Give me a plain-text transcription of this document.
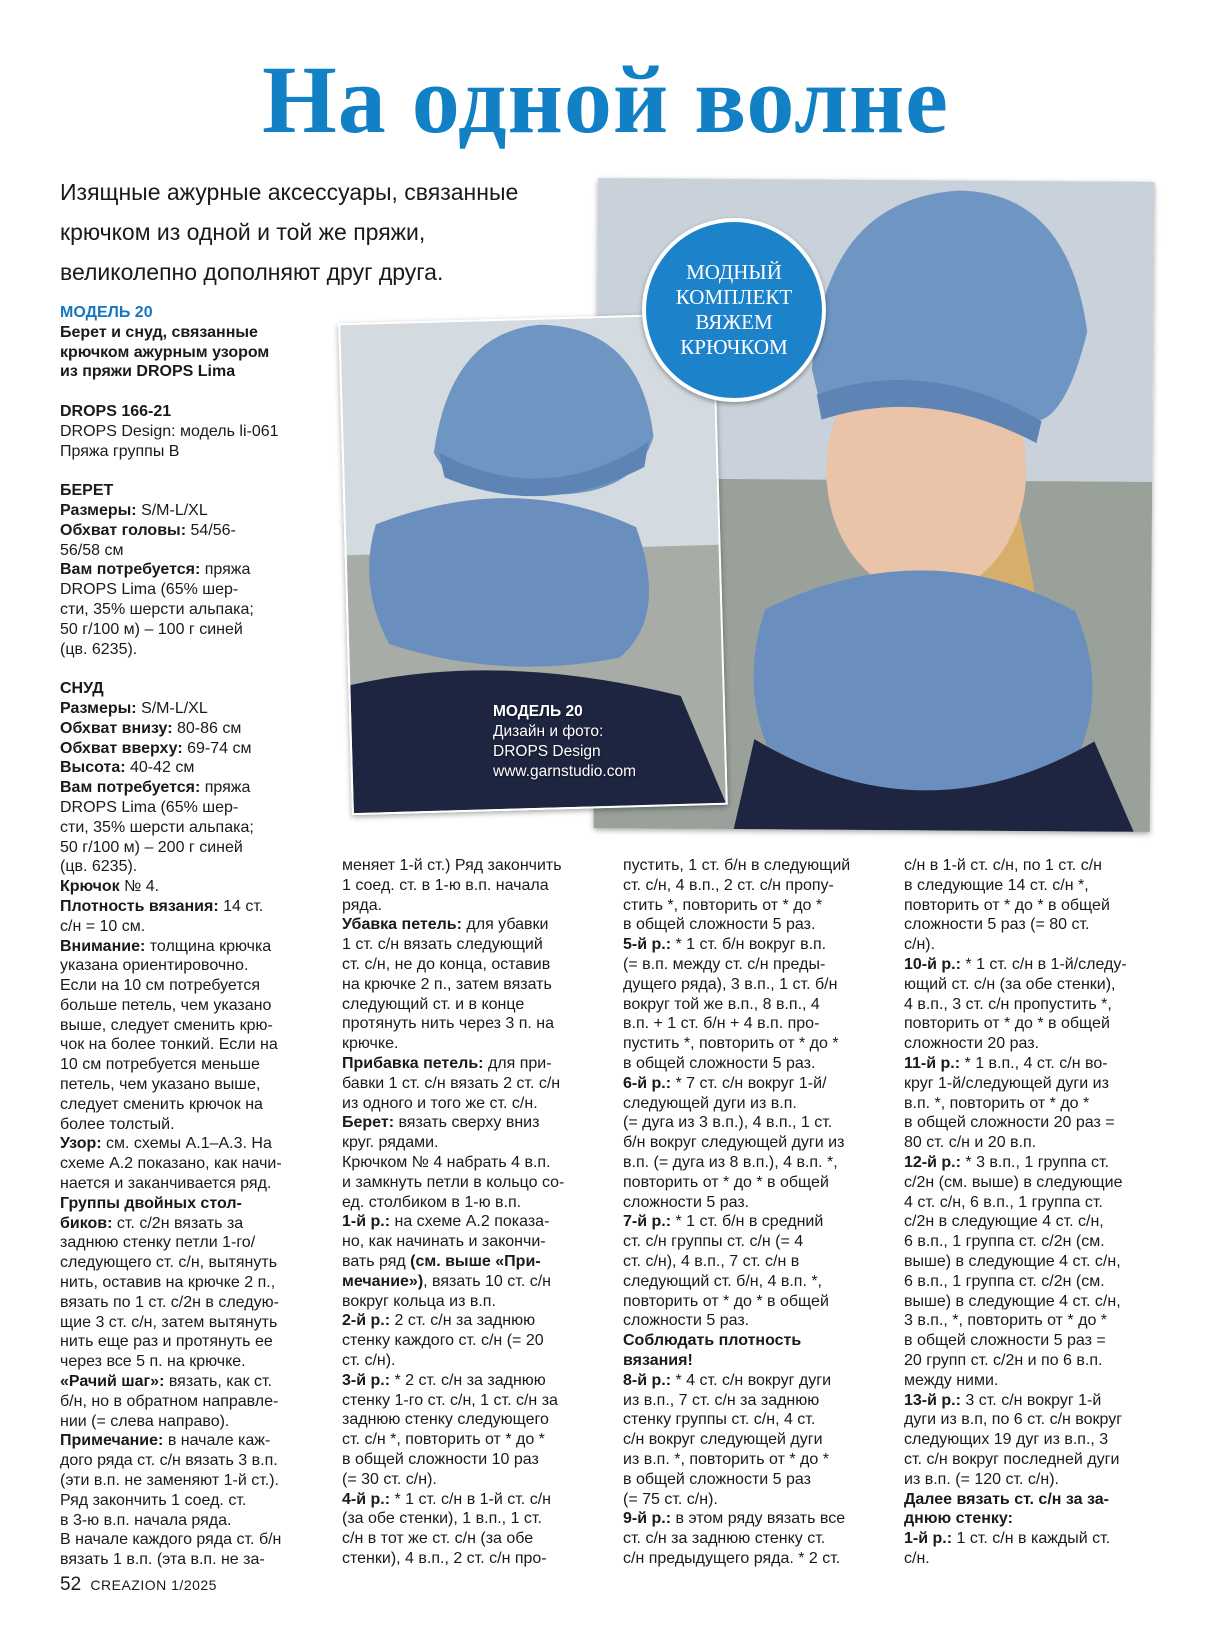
На одной волне
Изящные ажурные аксессуары, связанные
крючком из одной и той же пряжи,
великолепно дополняют друг друга.
МОДЕЛЬ 20
Дизайн и фото:
DROPS Design
www.garnstudio.com
МОДНЫЙ
КОМПЛЕКТ
ВЯЖЕМ
КРЮЧКОМ
МОДЕЛЬ 20
Берет и снуд, связанные
крючком ажурным узором
из пряжи DROPS Lima
DROPS 166-21
DROPS Design: модель li-061
Пряжа группы B
БЕРЕТ
Размеры: S/M-L/XL
Обхват головы: 54/56-
56/58 см
Вам потребуется: пряжа
DROPS Lima (65% шер-
сти, 35% шерсти альпака;
50 г/100 м) – 100 г синей
(цв. 6235).
СНУД
Размеры: S/M-L/XL
Обхват внизу: 80-86 см
Обхват вверху: 69-74 см
Высота: 40-42 см
Вам потребуется: пряжа
DROPS Lima (65% шер-
сти, 35% шерсти альпака;
50 г/100 м) – 200 г синей
(цв. 6235).
Крючок № 4.
Плотность вязания: 14 ст.
с/н = 10 см.
Внимание: толщина крючка
указана ориентировочно.
Если на 10 см потребуется
больше петель, чем указано
выше, следует сменить крю-
чок на более тонкий. Если на
10 см потребуется меньше
петель, чем указано выше,
следует сменить крючок на
более толстый.
Узор: см. схемы A.1–A.3. На
схеме A.2 показано, как начи-
нается и заканчивается ряд.
Группы двойных стол-
биков: ст. с/2н вязать за
заднюю стенку петли 1-го/
следующего ст. с/н, вытянуть
нить, оставив на крючке 2 п.,
вязать по 1 ст. с/2н в следую-
щие 3 ст. с/н, затем вытянуть
нить еще раз и протянуть ее
через все 5 п. на крючке.
«Рачий шаг»: вязать, как ст.
б/н, но в обратном направле-
нии (= слева направо).
Примечание: в начале каж-
дого ряда ст. с/н вязать 3 в.п.
(эти в.п. не заменяют 1-й ст.).
Ряд закончить 1 соед. ст.
в 3-ю в.п. начала ряда.
В начале каждого ряда ст. б/н
вязать 1 в.п. (эта в.п. не за-
меняет 1-й ст.) Ряд закончить
1 соед. ст. в 1-ю в.п. начала
ряда.
Убавка петель: для убавки
1 ст. с/н вязать следующий
ст. с/н, не до конца, оставив
на крючке 2 п., затем вязать
следующий ст. и в конце
протянуть нить через 3 п. на
крючке.
Прибавка петель: для при-
бавки 1 ст. с/н вязать 2 ст. с/н
из одного и того же ст. с/н.
Берет: вязать сверху вниз
круг. рядами.
Крючком № 4 набрать 4 в.п.
и замкнуть петли в кольцо со-
ед. столбиком в 1-ю в.п.
1-й р.: на схеме A.2 показа-
но, как начинать и закончи-
вать ряд (см. выше «При-
мечание»), вязать 10 ст. с/н
вокруг кольца из в.п.
2-й р.: 2 ст. с/н за заднюю
стенку каждого ст. с/н (= 20
ст. с/н).
3-й р.: * 2 ст. с/н за заднюю
стенку 1-го ст. с/н, 1 ст. с/н за
заднюю стенку следующего
ст. с/н *, повторить от * до *
в общей сложности 10 раз
(= 30 ст. с/н).
4-й р.: * 1 ст. с/н в 1-й ст. с/н
(за обе стенки), 1 в.п., 1 ст.
с/н в тот же ст. с/н (за обе
стенки), 4 в.п., 2 ст. с/н про-
пустить, 1 ст. б/н в следующий
ст. с/н, 4 в.п., 2 ст. с/н пропу-
стить *, повторить от * до *
в общей сложности 5 раз.
5-й р.: * 1 ст. б/н вокруг в.п.
(= в.п. между ст. с/н преды-
дущего ряда), 3 в.п., 1 ст. б/н
вокруг той же в.п., 8 в.п., 4
в.п. + 1 ст. б/н + 4 в.п. про-
пустить *, повторить от * до *
в общей сложности 5 раз.
6-й р.: * 7 ст. с/н вокруг 1-й/
следующей дуги из в.п.
(= дуга из 3 в.п.), 4 в.п., 1 ст.
б/н вокруг следующей дуги из
в.п. (= дуга из 8 в.п.), 4 в.п. *,
повторить от * до * в общей
сложности 5 раз.
7-й р.: * 1 ст. б/н в средний
ст. с/н группы ст. с/н (= 4
ст. с/н), 4 в.п., 7 ст. с/н в
следующий ст. б/н, 4 в.п. *,
повторить от * до * в общей
сложности 5 раз.
Соблюдать плотность
вязания!
8-й р.: * 4 ст. с/н вокруг дуги
из в.п., 7 ст. с/н за заднюю
стенку группы ст. с/н, 4 ст.
с/н вокруг следующей дуги
из в.п. *, повторить от * до *
в общей сложности 5 раз
(= 75 ст. с/н).
9-й р.: в этом ряду вязать все
ст. с/н за заднюю стенку ст.
с/н предыдущего ряда. * 2 ст.
с/н в 1-й ст. с/н, по 1 ст. с/н
в следующие 14 ст. с/н *,
повторить от * до * в общей
сложности 5 раз (= 80 ст.
с/н).
10-й р.: * 1 ст. с/н в 1-й/следу-
ющий ст. с/н (за обе стенки),
4 в.п., 3 ст. с/н пропустить *,
повторить от * до * в общей
сложности 20 раз.
11-й р.: * 1 в.п., 4 ст. с/н во-
круг 1-й/следующей дуги из
в.п. *, повторить от * до *
в общей сложности 20 раз =
80 ст. с/н и 20 в.п.
12-й р.: * 3 в.п., 1 группа ст.
с/2н (см. выше) в следующие
4 ст. с/н, 6 в.п., 1 группа ст.
с/2н в следующие 4 ст. с/н,
6 в.п., 1 группа ст. с/2н (см.
выше) в следующие 4 ст. с/н,
6 в.п., 1 группа ст. с/2н (см.
выше) в следующие 4 ст. с/н,
3 в.п., *, повторить от * до *
в общей сложности 5 раз =
20 групп ст. с/2н и по 6 в.п.
между ними.
13-й р.: 3 ст. с/н вокруг 1-й
дуги из в.п, по 6 ст. с/н вокруг
следующих 19 дуг из в.п., 3
ст. с/н вокруг последней дуги
из в.п. (= 120 ст. с/н).
Далее вязать ст. с/н за за-
днюю стенку:
1-й р.: 1 ст. с/н в каждый ст.
с/н.
52 CREAZION 1/2025
